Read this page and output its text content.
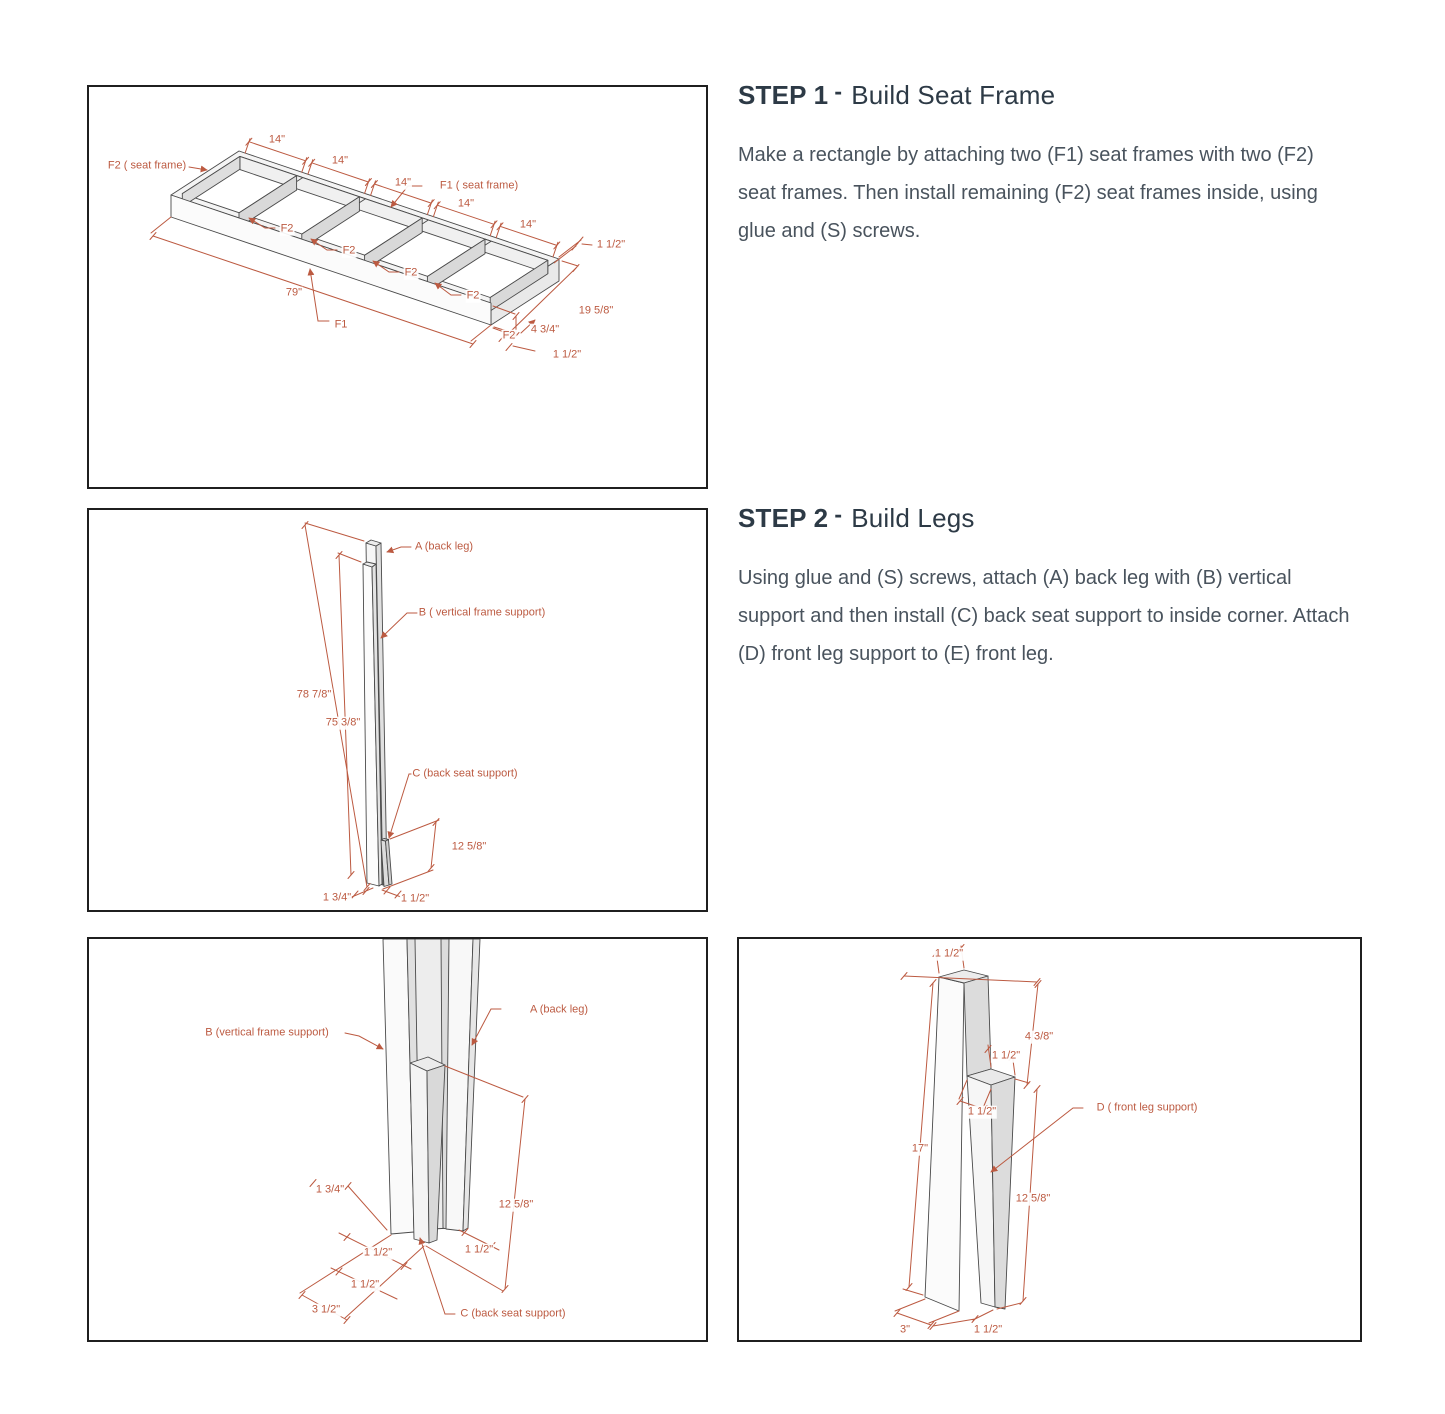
STEP 1 - Build Seat Frame

Make a rectangle by attaching two (F1) seat frames with two (F2) seat frames. Then install remaining (F2) seat frames inside, using glue and (S) screws.

STEP 2 - Build Legs

Using glue and (S) screws, attach (A) back leg with (B) vertical support and then install (C) back seat support to inside corner. Attach (D) front leg support to (E) front leg.

F2 ( seat frame)
14"
14"
14"
14"
14"
F1 ( seat frame)
F2
F2
F2
F2
F2
1 1/2"
19 5/8"
79"
F1	4 3/4"
1 1/2"
A (back leg)
B ( vertical frame support)
78 7/8"
75 3/8"
C (back seat support)
12 5/8"
1 3/4"	1 1/2"
B (vertical frame support)
A (back leg)
1 3/4"
12 5/8"
1 1/2"	1 1/2"
1 1/2"
3 1/2"	C (back seat support)
1 1/2"
4 3/8"
1 1/2"
1 1/2"
17"
D ( front leg support)
12 5/8"
3"	1 1/2"
